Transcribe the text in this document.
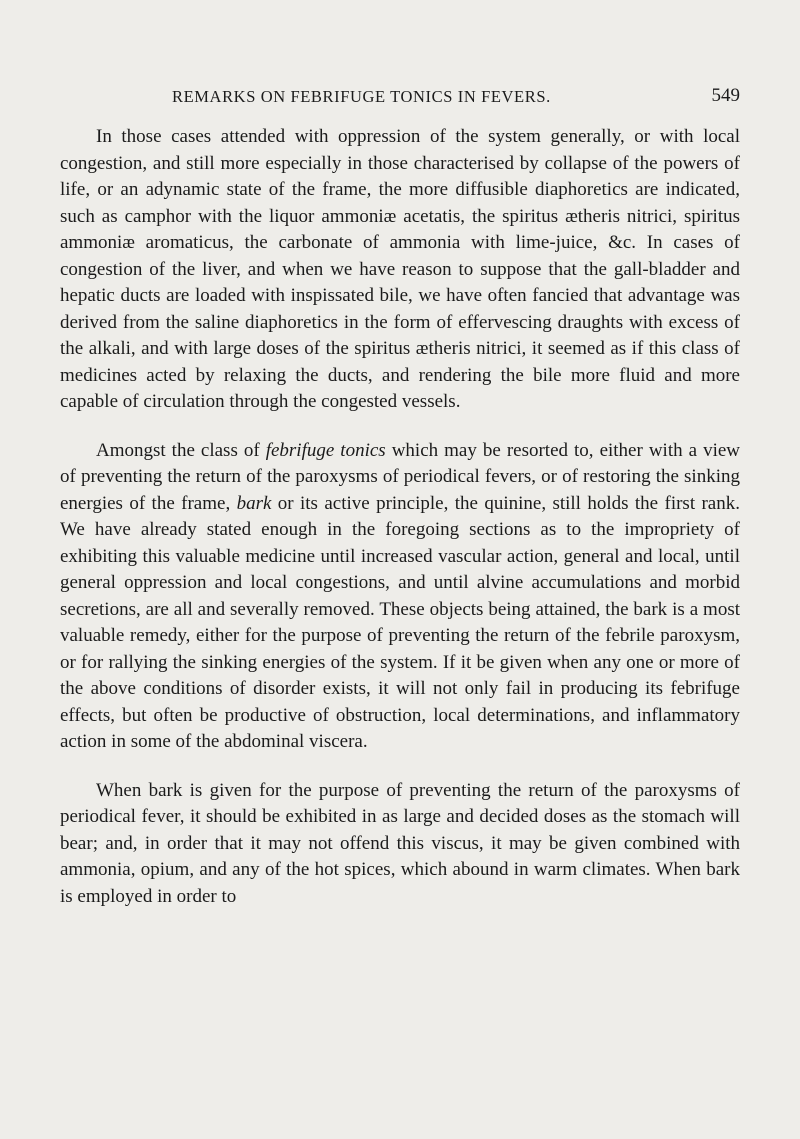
REMARKS ON FEBRIFUGE TONICS IN FEVERS.	549

In those cases attended with oppression of the system generally, or with local congestion, and still more especially in those characterised by collapse of the powers of life, or an adynamic state of the frame, the more diffusible diaphoretics are indicated, such as camphor with the liquor ammoniæ acetatis, the spiritus ætheris nitrici, spiritus ammoniæ aromaticus, the carbonate of ammonia with lime-juice, &c. In cases of congestion of the liver, and when we have reason to suppose that the gall-bladder and hepatic ducts are loaded with inspissated bile, we have often fancied that advantage was derived from the saline diaphoretics in the form of effervescing draughts with excess of the alkali, and with large doses of the spiritus ætheris nitrici, it seemed as if this class of medicines acted by relaxing the ducts, and rendering the bile more fluid and more capable of circulation through the congested vessels.

Amongst the class of febrifuge tonics which may be resorted to, either with a view of preventing the return of the paroxysms of periodical fevers, or of restoring the sinking energies of the frame, bark or its active principle, the quinine, still holds the first rank. We have already stated enough in the foregoing sections as to the impropriety of exhibiting this valuable medicine until increased vascular action, general and local, until general oppression and local congestions, and until alvine accumulations and morbid secretions, are all and severally removed. These objects being attained, the bark is a most valuable remedy, either for the purpose of preventing the return of the febrile paroxysm, or for rallying the sinking energies of the system. If it be given when any one or more of the above conditions of disorder exists, it will not only fail in producing its febrifuge effects, but often be productive of obstruction, local determinations, and inflammatory action in some of the abdominal viscera.

When bark is given for the purpose of preventing the return of the paroxysms of periodical fever, it should be exhibited in as large and decided doses as the stomach will bear; and, in order that it may not offend this viscus, it may be given combined with ammonia, opium, and any of the hot spices, which abound in warm climates. When bark is employed in order to
